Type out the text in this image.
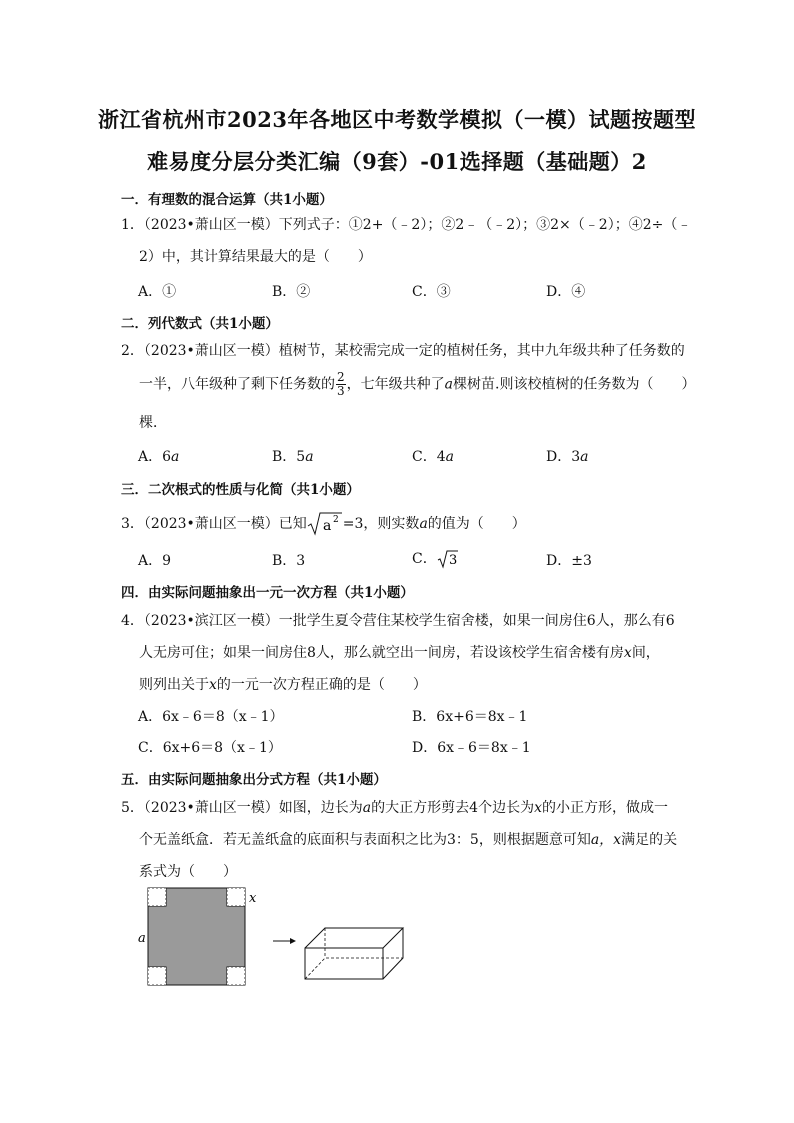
浙江省杭州市2023年各地区中考数学模拟（一模）试题按题型
难易度分层分类汇编（9套）-01选择题（基础题）2
一．有理数的混合运算（共1小题）
1．（2023•萧山区一模）下列式子：①2+（﹣2）；②2﹣（﹣2）；③2×（﹣2）；④2÷（﹣
2）中，其计算结果最大的是（　　）
A．①	B．②	C．③	D．④
二．列代数式（共1小题）
2．（2023•萧山区一模）植树节，某校需完成一定的植树任务，其中九年级共种了任务数的
一半，八年级种了剩下任务数的 $\frac{2}{3}$ ，七年级共种了a棵树苗.则该校植树的任务数为（　　）
棵．
A．6a	B．5a	C．4a	D．3a
三．二次根式的性质与化简（共1小题）
3．（2023•萧山区一模）已知 a 2 =3，则实数a的值为（　　）
A．9	B．3	C． 3	D．±3
四．由实际问题抽象出一元一次方程（共1小题）
4．（2023•滨江区一模）一批学生夏令营住某校学生宿舍楼，如果一间房住6人，那么有6
人无房可住；如果一间房住8人，那么就空出一间房，若设该校学生宿舍楼有房x间，
则列出关于x的一元一次方程正确的是（　　）
A．6x﹣6＝8（x﹣1）	B．6x+6＝8x﹣1
C．6x+6＝8（x﹣1）	D．6x﹣6＝8x﹣1
五．由实际问题抽象出分式方程（共1小题）
5．（2023•萧山区一模）如图，边长为a的大正方形剪去4个边长为x的小正方形，做成一
个无盖纸盒．若无盖纸盒的底面积与表面积之比为3：5，则根据题意可知a，x满足的关
系式为（　　）
a
x
